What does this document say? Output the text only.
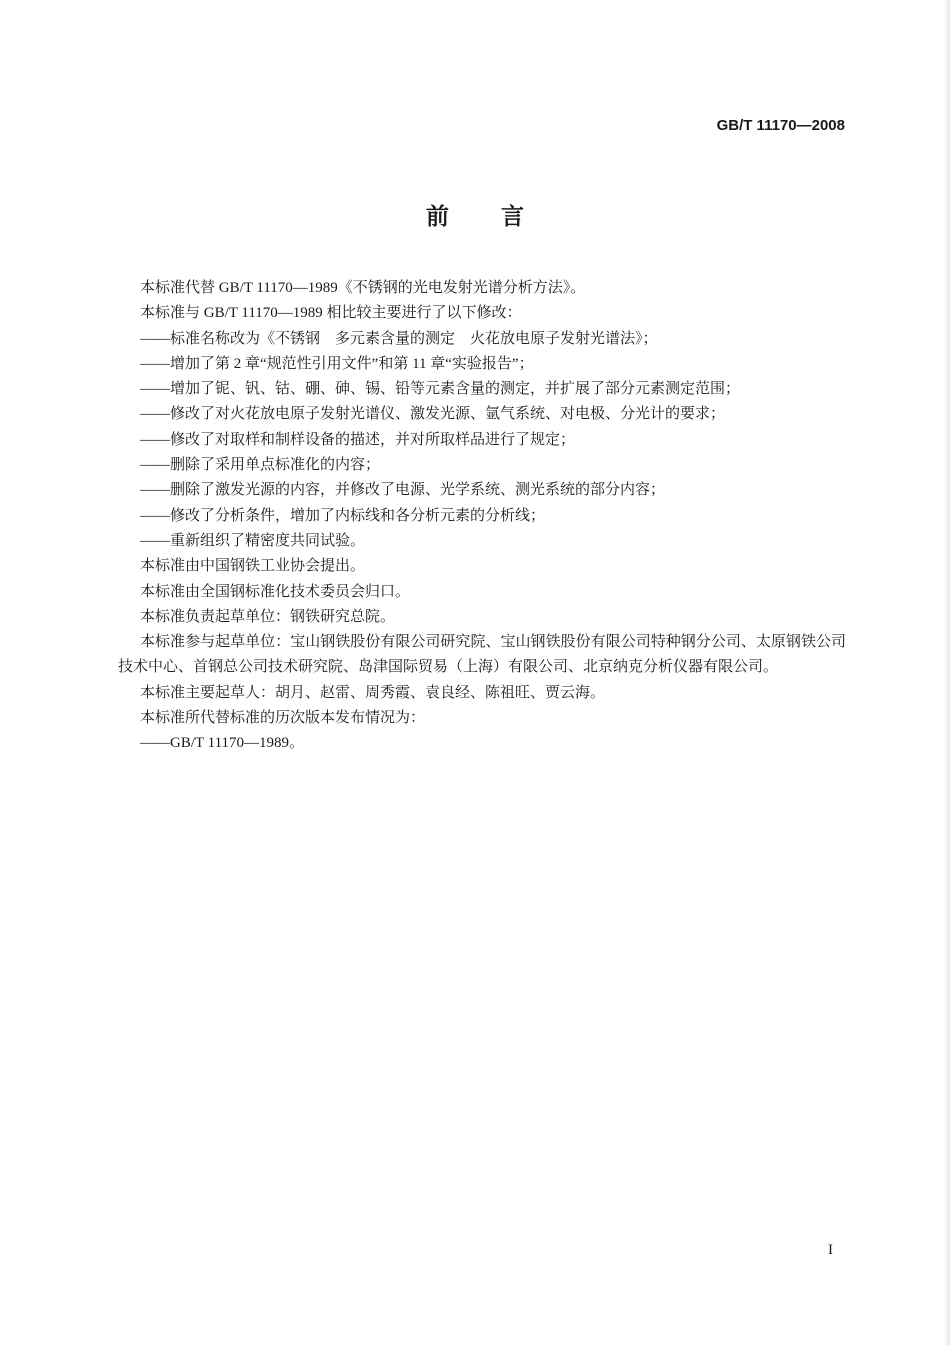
GB/T 11170—2008
前言

本标准代替 GB/T 11170—1989《不锈钢的光电发射光谱分析方法》。

本标准与 GB/T 11170—1989 相比较主要进行了以下修改：

——标准名称改为《不锈钢　多元素含量的测定　火花放电原子发射光谱法》；

——增加了第 2 章“规范性引用文件”和第 11 章“实验报告”；

——增加了铌、钒、钴、硼、砷、锡、铅等元素含量的测定，并扩展了部分元素测定范围；

——修改了对火花放电原子发射光谱仪、激发光源、氩气系统、对电极、分光计的要求；

——修改了对取样和制样设备的描述，并对所取样品进行了规定；

——删除了采用单点标准化的内容；

——删除了激发光源的内容，并修改了电源、光学系统、测光系统的部分内容；

——修改了分析条件，增加了内标线和各分析元素的分析线；

——重新组织了精密度共同试验。

本标准由中国钢铁工业协会提出。

本标准由全国钢标准化技术委员会归口。

本标准负责起草单位：钢铁研究总院。

本标准参与起草单位：宝山钢铁股份有限公司研究院、宝山钢铁股份有限公司特种钢分公司、太原钢铁公司技术中心、首钢总公司技术研究院、岛津国际贸易（上海）有限公司、北京纳克分析仪器有限公司。

本标准主要起草人：胡月、赵雷、周秀霞、袁良经、陈祖旺、贾云海。

本标准所代替标准的历次版本发布情况为：

——GB/T 11170—1989。

I
